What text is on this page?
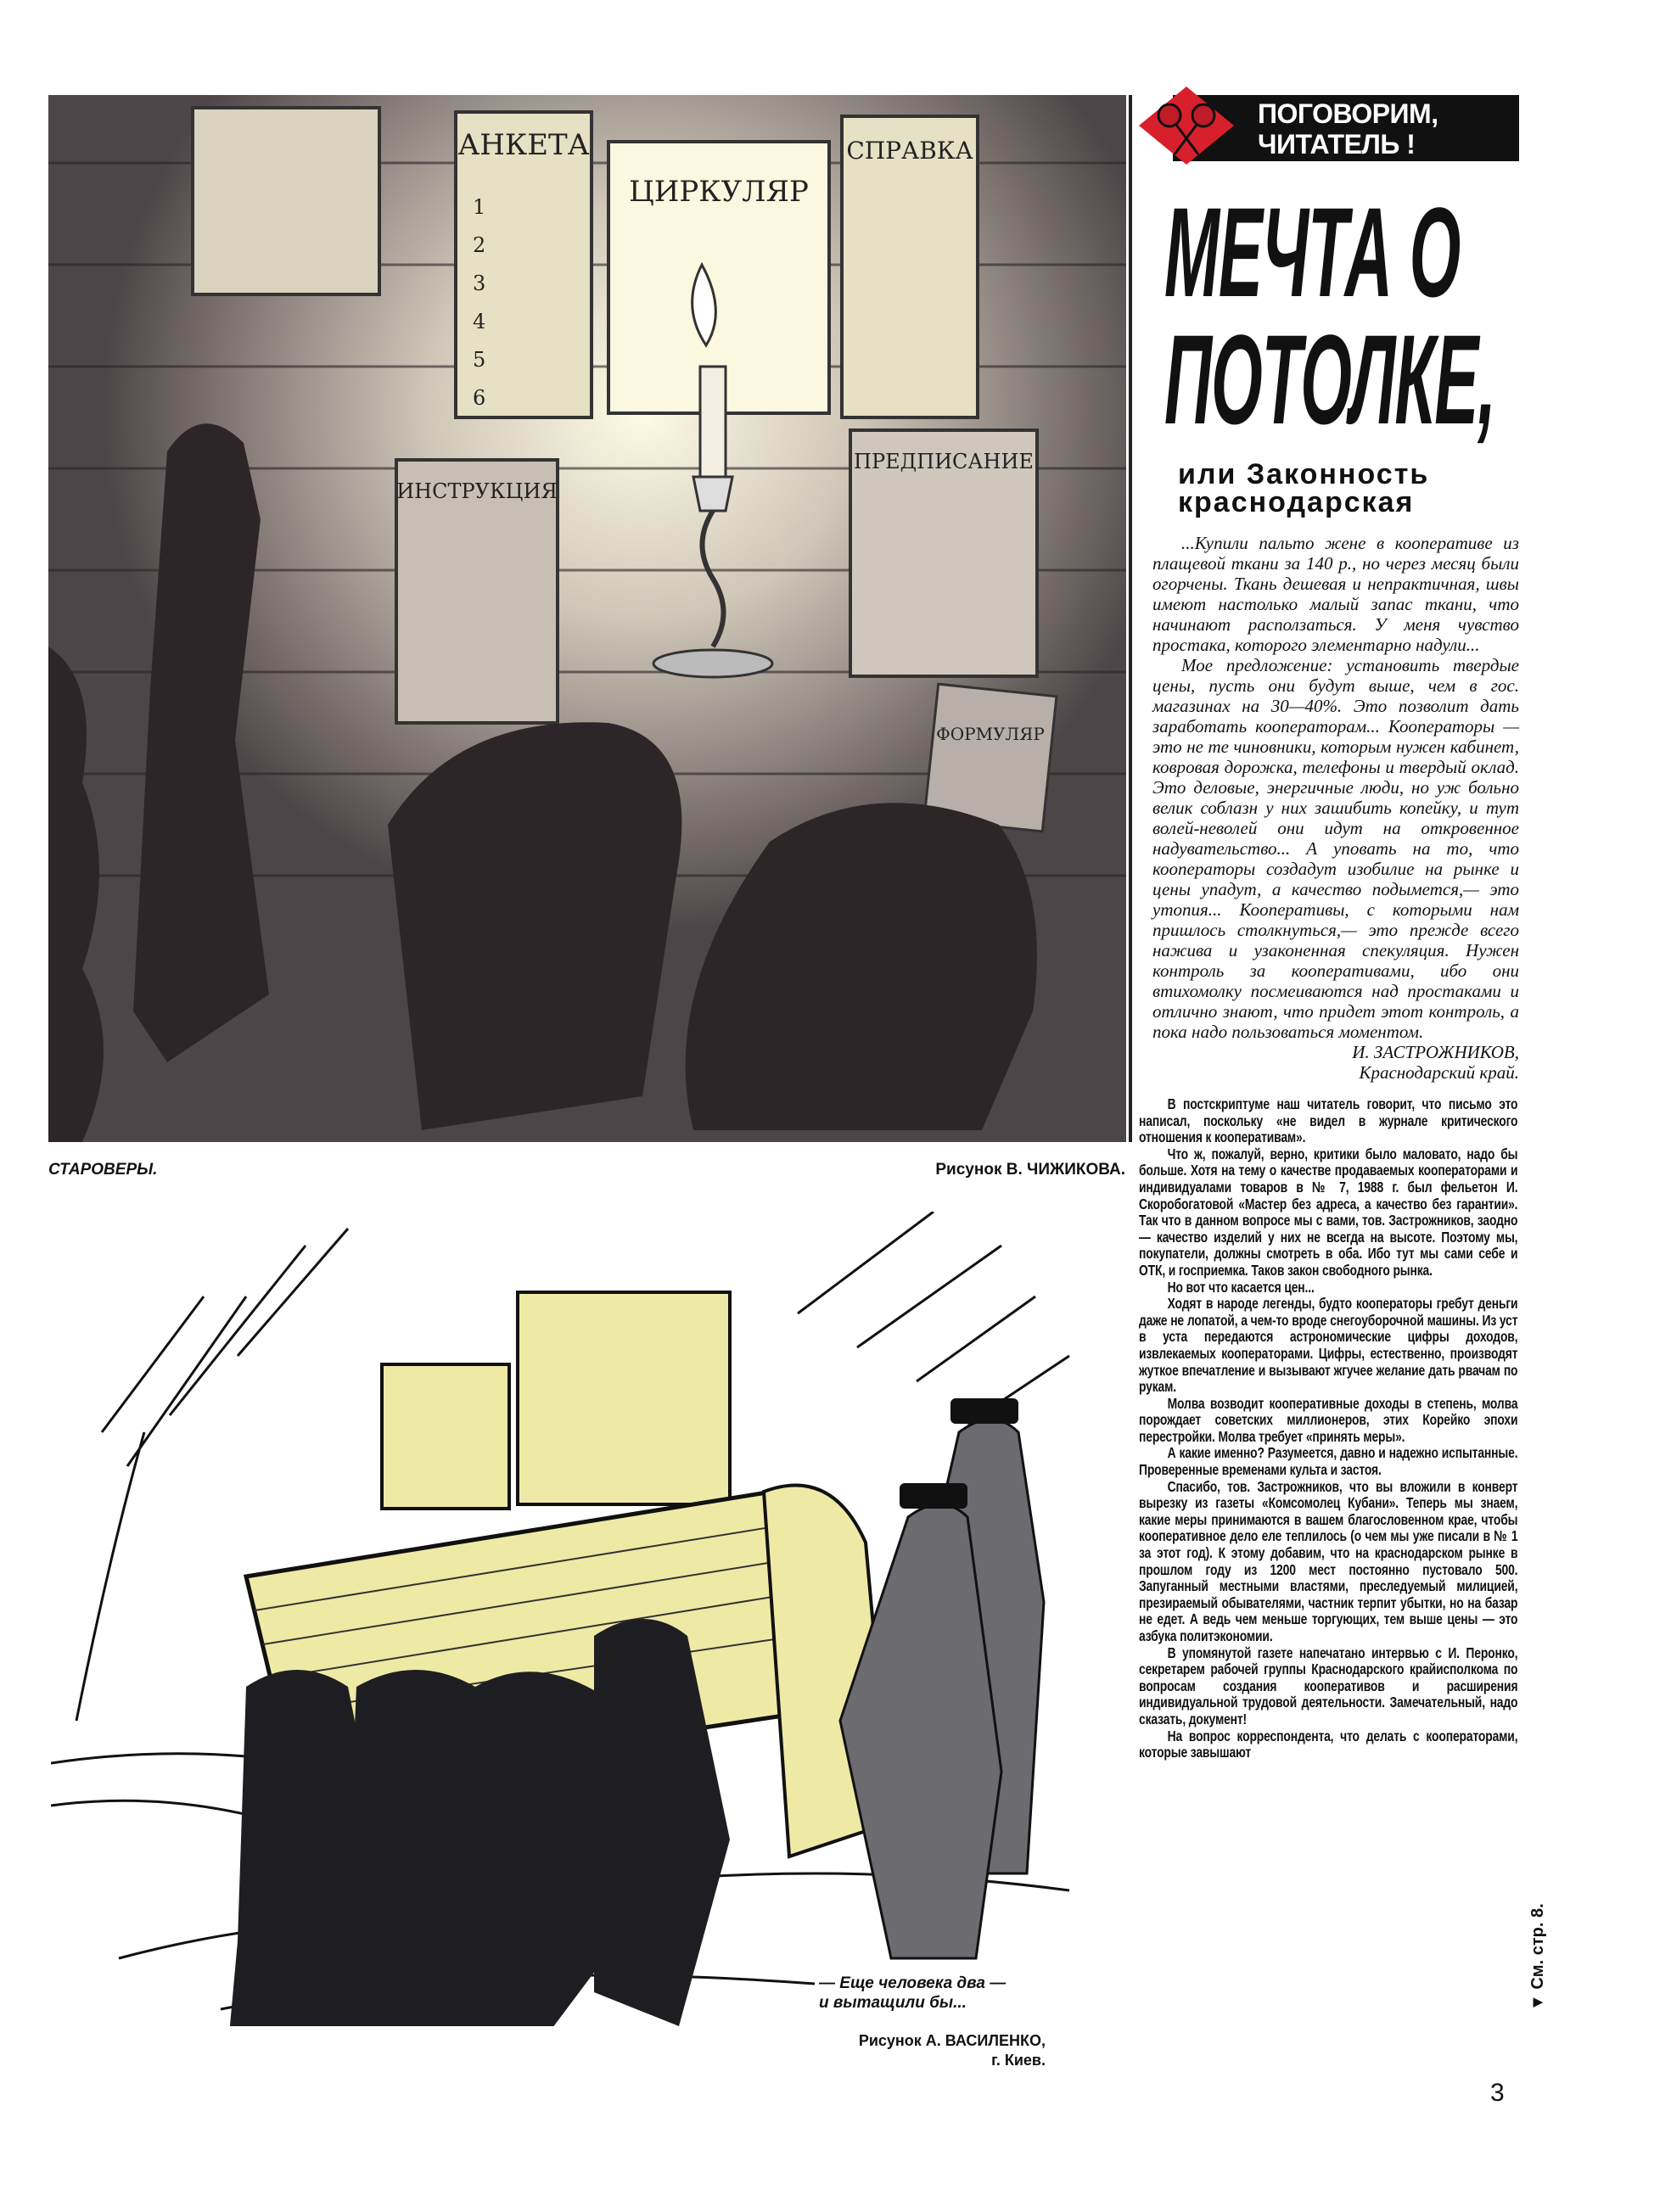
АНКЕТА
ЦИРКУЛЯР
СПРАВКА
ИНСТРУКЦИЯ
ПРЕДПИСАНИЕ
ФОРМУЛЯР
1
2
3
4
5
6
СТАРОВЕРЫ.	Рисунок В. ЧИЖИКОВА.
— Еще человека два —
и вытащили бы...
Рисунок А. ВАСИЛЕНКО,
г. Киев.
ПОГОВОРИМ,
ЧИТАТЕЛЬ !
МЕЧТА О
ПОТОЛКЕ,
или Законность
краснодарская

...Купили пальто жене в кооперативе из плащевой ткани за 140 р., но через месяц были огорчены. Ткань дешевая и непрактичная, швы имеют настолько малый запас ткани, что начинают расползаться. У меня чувство простака, которого элементарно надули...

Мое предложение: установить твердые цены, пусть они будут выше, чем в гос. магазинах на 30—40%. Это позволит дать заработать кооператорам... Кооператоры — это не те чиновники, которым нужен кабинет, ковровая дорожка, телефоны и твердый оклад. Это деловые, энергичные люди, но уж больно велик соблазн у них зашибить копейку, и тут волей-неволей они идут на откровенное надувательство... А уповать на то, что кооператоры создадут изобилие на рынке и цены упадут, а качество подымется,— это утопия... Кооперативы, с которыми нам пришлось столкнуться,— это прежде всего нажива и узаконенная спекуляция. Нужен контроль за кооперативами, ибо они втихомолку посмеиваются над простаками и отлично знают, что придет этот контроль, а пока надо пользоваться моментом.

И. ЗАСТРОЖНИКОВ,

Краснодарский край.

В постскриптуме наш читатель говорит, что письмо это написал, поскольку «не видел в журнале критического отношения к кооперативам».

Что ж, пожалуй, верно, критики было маловато, надо бы больше. Хотя на тему о качестве продаваемых кооператорами и индивидуалами товаров в № 7, 1988 г. был фельетон И. Скоробогатовой «Мастер без адреса, а качество без гарантии». Так что в данном вопросе мы с вами, тов. Застрожников, заодно — качество изделий у них не всегда на высоте. Поэтому мы, покупатели, должны смотреть в оба. Ибо тут мы сами себе и ОТК, и госприемка. Таков закон свободного рынка.

Но вот что касается цен...

Ходят в народе легенды, будто кооператоры гребут деньги даже не лопатой, а чем-то вроде снегоуборочной машины. Из уст в уста передаются астрономические цифры доходов, извлекаемых кооператорами. Цифры, естественно, производят жуткое впечатление и вызывают жгучее желание дать рвачам по рукам.

Молва возводит кооперативные доходы в степень, молва порождает советских миллионеров, этих Корейко эпохи перестройки. Молва требует «принять меры».

А какие именно? Разумеется, давно и надежно испытанные. Проверенные временами культа и застоя.

Спасибо, тов. Застрожников, что вы вложили в конверт вырезку из газеты «Комсомолец Кубани». Теперь мы знаем, какие меры принимаются в вашем благословенном крае, чтобы кооперативное дело еле теплилось (о чем мы уже писали в № 1 за этот год). К этому добавим, что на краснодарском рынке в прошлом году из 1200 мест постоянно пустовало 500. Запуганный местными властями, преследуемый милицией, презираемый обывателями, частник терпит убытки, но на базар не едет. А ведь чем меньше торгующих, тем выше цены — это азбука политэкономии.

В упомянутой газете напечатано интервью с И. Перонко, секретарем рабочей группы Краснодарского крайисполкома по вопросам создания кооперативов и расширения индивидуальной трудовой деятельности. Замечательный, надо сказать, документ!

На вопрос корреспондента, что делать с кооператорами, которые завышают

▼ См. стр. 8.
3
